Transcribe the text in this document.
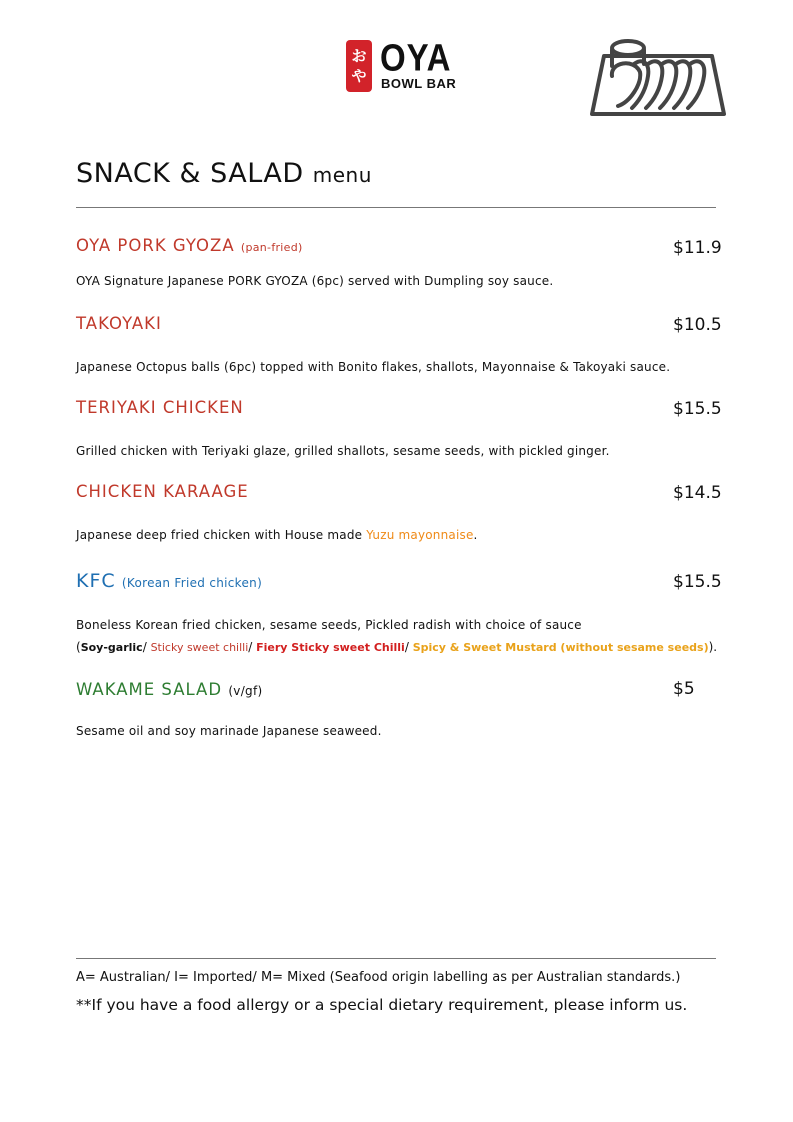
お
や OYA
BOWL BAR
SNACK & SALAD menu
OYA PORK GYOZA (pan-fried)	$11.9
OYA Signature Japanese PORK GYOZA (6pc) served with Dumpling soy sauce.
TAKOYAKI	$10.5
Japanese Octopus balls (6pc) topped with Bonito flakes, shallots, Mayonnaise & Takoyaki sauce.
TERIYAKI CHICKEN	$15.5
Grilled chicken with Teriyaki glaze, grilled shallots, sesame seeds, with pickled ginger.
CHICKEN KARAAGE	$14.5
Japanese deep fried chicken with House made Yuzu mayonnaise.
KFC (Korean Fried chicken)	$15.5
Boneless Korean fried chicken, sesame seeds, Pickled radish with choice of sauce
(Soy-garlic/ Sticky sweet chilli/ Fiery Sticky sweet Chilli/ Spicy & Sweet Mustard (without sesame seeds)).
WAKAME SALAD (v/gf)	$5
Sesame oil and soy marinade Japanese seaweed.
A= Australian/ I= Imported/ M= Mixed (Seafood origin labelling as per Australian standards.)
**If you have a food allergy or a special dietary requirement, please inform us.
